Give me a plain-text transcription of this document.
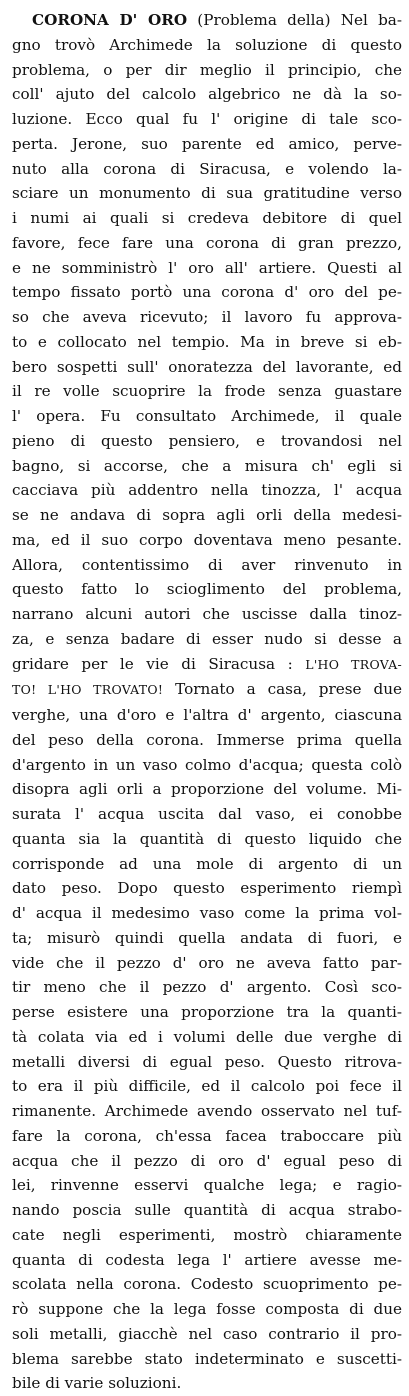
CORONA D' ORO (Problema della) Nel ba-
gno trovò Archimede la soluzione di questo
problema, o per dir meglio il principio, che
coll' ajuto del calcolo algebrico ne dà la so-
luzione. Ecco qual fu l' origine di tale sco-
perta. Jerone, suo parente ed amico, perve-
nuto alla corona di Siracusa, e volendo la-
sciare un monumento di sua gratitudine verso
i numi ai quali si credeva debitore di quel
favore, fece fare una corona di gran prezzo,
e ne somministrò l' oro all' artiere. Questi al
tempo fissato portò una corona d' oro del pe-
so che aveva ricevuto; il lavoro fu approva-
to e collocato nel tempio. Ma in breve si eb-
bero sospetti sull' onoratezza del lavorante, ed
il re volle scuoprire la frode senza guastare
l' opera. Fu consultato Archimede, il quale
pieno di questo pensiero, e trovandosi nel
bagno, si accorse, che a misura ch' egli si
cacciava più addentro nella tinozza, l' acqua
se ne andava di sopra agli orli della medesi-
ma, ed il suo corpo doventava meno pesante.
Allora, contentissimo di aver rinvenuto in
questo fatto lo scioglimento del problema,
narrano alcuni autori che uscisse dalla tinoz-
za, e senza badare di esser nudo si desse a
gridare per le vie di Siracusa : L'HO TROVA-
TO! L'HO TROVATO! Tornato a casa, prese due
verghe, una d'oro e l'altra d' argento, ciascuna
del peso della corona. Immerse prima quella
d'argento in un vaso colmo d'acqua; questa colò
disopra agli orli a proporzione del volume. Mi-
surata l' acqua uscita dal vaso, ei conobbe
quanta sia la quantità di questo liquido che
corrisponde ad una mole di argento di un
dato peso. Dopo questo esperimento riempì
d' acqua il medesimo vaso come la prima vol-
ta; misurò quindi quella andata di fuori, e
vide che il pezzo d' oro ne aveva fatto par-
tir meno che il pezzo d' argento. Così sco-
perse esistere una proporzione tra la quanti-
tà colata via ed i volumi delle due verghe di
metalli diversi di egual peso. Questo ritrova-
to era il più difficile, ed il calcolo poi fece il
rimanente. Archimede avendo osservato nel tuf-
fare la corona, ch'essa facea traboccare più
acqua che il pezzo di oro d' egual peso di
lei, rinvenne esservi qualche lega; e ragio-
nando poscia sulle quantità di acqua strabo-
cate negli esperimenti, mostrò chiaramente
quanta di codesta lega l' artiere avesse me-
scolata nella corona. Codesto scuoprimento pe-
rò suppone che la lega fosse composta di due
soli metalli, giacchè nel caso contrario il pro-
blema sarebbe stato indeterminato e suscetti-
bile di varie soluzioni.
